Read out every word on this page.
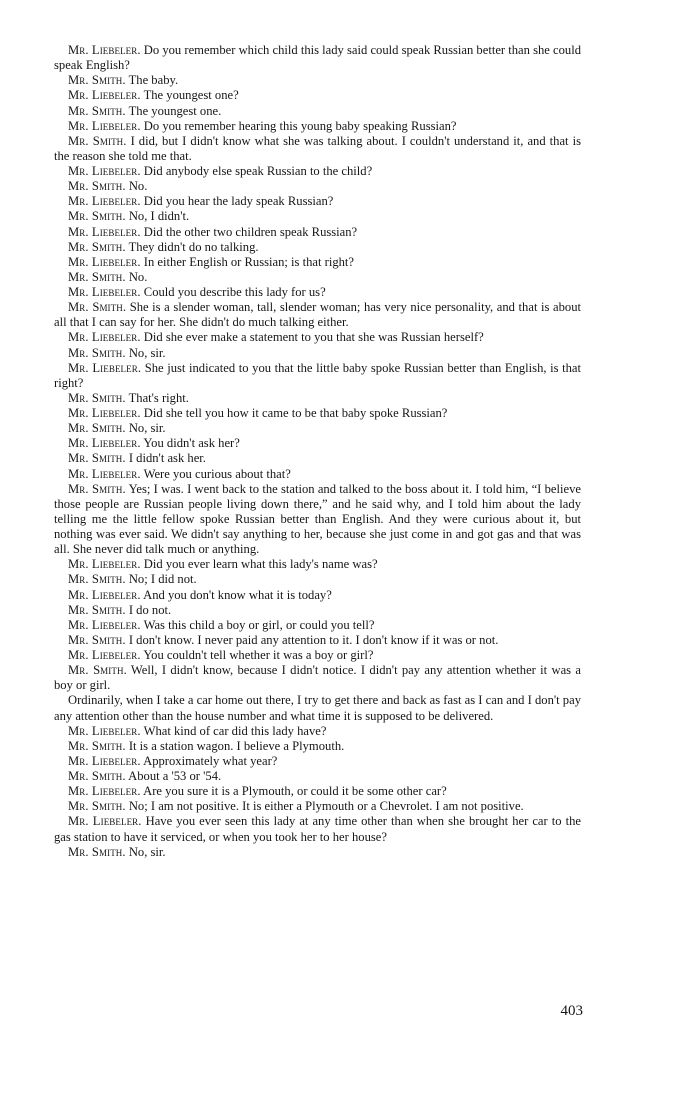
Mr. Liebeler. Do you remember which child this lady said could speak Russian better than she could speak English?

Mr. Smith. The baby.

Mr. Liebeler. The youngest one?

Mr. Smith. The youngest one.

Mr. Liebeler. Do you remember hearing this young baby speaking Russian?

Mr. Smith. I did, but I didn't know what she was talking about. I couldn't understand it, and that is the reason she told me that.

Mr. Liebeler. Did anybody else speak Russian to the child?

Mr. Smith. No.

Mr. Liebeler. Did you hear the lady speak Russian?

Mr. Smith. No, I didn't.

Mr. Liebeler. Did the other two children speak Russian?

Mr. Smith. They didn't do no talking.

Mr. Liebeler. In either English or Russian; is that right?

Mr. Smith. No.

Mr. Liebeler. Could you describe this lady for us?

Mr. Smith. She is a slender woman, tall, slender woman; has very nice personality, and that is about all that I can say for her. She didn't do much talking either.

Mr. Liebeler. Did she ever make a statement to you that she was Russian herself?

Mr. Smith. No, sir.

Mr. Liebeler. She just indicated to you that the little baby spoke Russian better than English, is that right?

Mr. Smith. That's right.

Mr. Liebeler. Did she tell you how it came to be that baby spoke Russian?

Mr. Smith. No, sir.

Mr. Liebeler. You didn't ask her?

Mr. Smith. I didn't ask her.

Mr. Liebeler. Were you curious about that?

Mr. Smith. Yes; I was. I went back to the station and talked to the boss about it. I told him, “I believe those people are Russian people living down there,” and he said why, and I told him about the lady telling me the little fellow spoke Russian better than English. And they were curious about it, but nothing was ever said. We didn't say anything to her, because she just come in and got gas and that was all. She never did talk much or anything.

Mr. Liebeler. Did you ever learn what this lady's name was?

Mr. Smith. No; I did not.

Mr. Liebeler. And you don't know what it is today?

Mr. Smith. I do not.

Mr. Liebeler. Was this child a boy or girl, or could you tell?

Mr. Smith. I don't know. I never paid any attention to it. I don't know if it was or not.

Mr. Liebeler. You couldn't tell whether it was a boy or girl?

Mr. Smith. Well, I didn't know, because I didn't notice. I didn't pay any attention whether it was a boy or girl.

Ordinarily, when I take a car home out there, I try to get there and back as fast as I can and I don't pay any attention other than the house number and what time it is supposed to be delivered.

Mr. Liebeler. What kind of car did this lady have?

Mr. Smith. It is a station wagon. I believe a Plymouth.

Mr. Liebeler. Approximately what year?

Mr. Smith. About a '53 or '54.

Mr. Liebeler. Are you sure it is a Plymouth, or could it be some other car?

Mr. Smith. No; I am not positive. It is either a Plymouth or a Chevrolet. I am not positive.

Mr. Liebeler. Have you ever seen this lady at any time other than when she brought her car to the gas station to have it serviced, or when you took her to her house?

Mr. Smith. No, sir.

403
